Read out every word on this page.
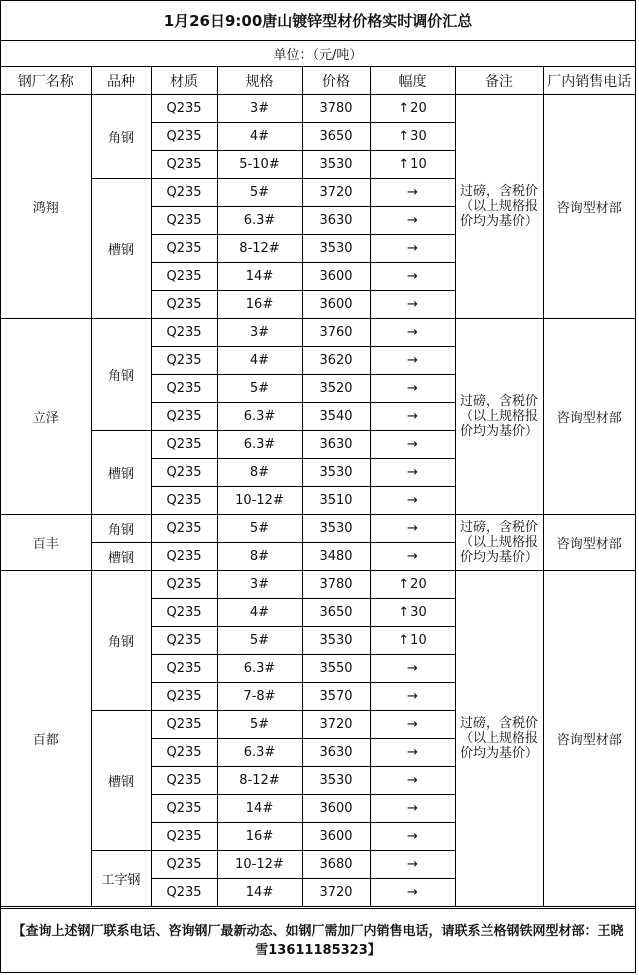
1月26日9:00唐山镀锌型材价格实时调价汇总
单位：（元/吨）
钢厂名称	品种	材质	规格	价格	幅度	备注	厂内销售电话
鸿翔	角钢	Q235	3#	3780	↑20	过磅，含税价（以上规格报价均为基价）	咨询型材部
		Q235	4#	3650	↑30		
		Q235	5-10#	3530	↑10		
	槽钢	Q235	5#	3720	→		
		Q235	6.3#	3630	→		
		Q235	8-12#	3530	→		
		Q235	14#	3600	→		
		Q235	16#	3600	→		
立泽	角钢	Q235	3#	3760	→	过磅，含税价（以上规格报价均为基价）	咨询型材部
		Q235	4#	3620	→		
		Q235	5#	3520	→		
		Q235	6.3#	3540	→		
	槽钢	Q235	6.3#	3630	→		
		Q235	8#	3530	→		
		Q235	10-12#	3510	→		
百丰	角钢	Q235	5#	3530	→	过磅，含税价（以上规格报价均为基价）	咨询型材部
	槽钢	Q235	8#	3480	→		
百都	角钢	Q235	3#	3780	↑20	过磅，含税价（以上规格报价均为基价）	咨询型材部
		Q235	4#	3650	↑30		
		Q235	5#	3530	↑10		
		Q235	6.3#	3550	→		
		Q235	7-8#	3570	→		
	槽钢	Q235	5#	3720	→		
		Q235	6.3#	3630	→		
		Q235	8-12#	3530	→		
		Q235	14#	3600	→		
		Q235	16#	3600	→		
	工字钢	Q235	10-12#	3680	→		
		Q235	14#	3720	→		
【查询上述钢厂联系电话、咨询钢厂最新动态、如钢厂需加厂内销售电话，请联系兰格钢铁网型材部：王晓雪13611185323】
